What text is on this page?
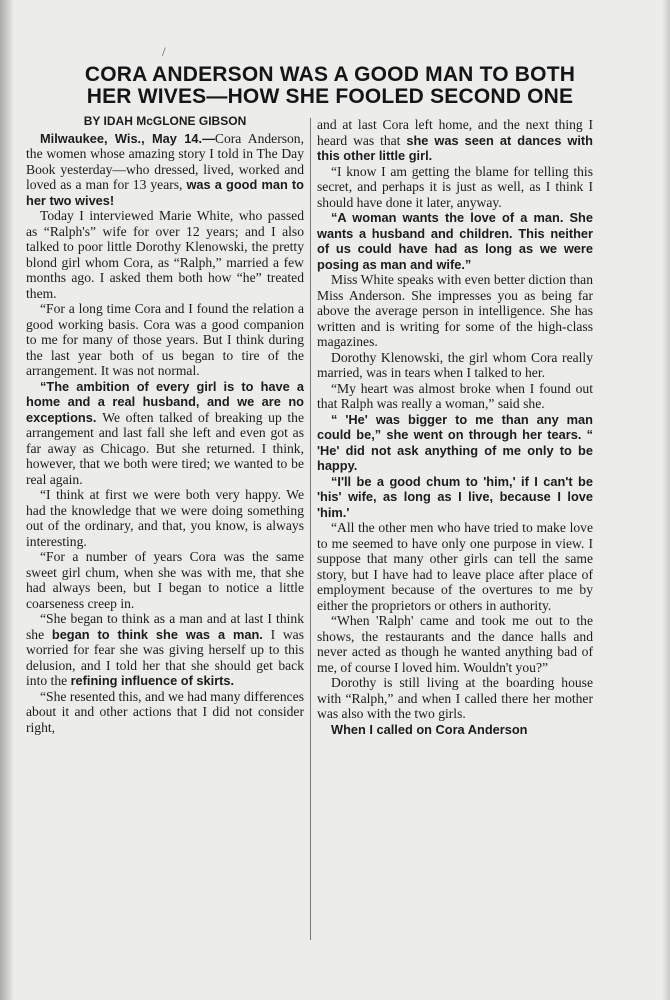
/
CORA ANDERSON WAS A GOOD MAN TO BOTH
HER WIVES—HOW SHE FOOLED SECOND ONE
BY IDAH McGLONE GIBSON

Milwaukee, Wis., May 14.—Cora Anderson, the women whose amazing story I told in The Day Book yesterday—who dressed, lived, worked and loved as a man for 13 years, was a good man to her two wives!

Today I interviewed Marie White, who passed as “Ralph's” wife for over 12 years; and I also talked to poor little Dorothy Klenowski, the pretty blond girl whom Cora, as “Ralph,” married a few months ago. I asked them both how “he” treated them.

“For a long time Cora and I found the relation a good working basis. Cora was a good companion to me for many of those years. But I think during the last year both of us began to tire of the arrangement. It was not normal.

“The ambition of every girl is to have a home and a real husband, and we are no exceptions. We often talked of breaking up the arrangement and last fall she left and even got as far away as Chicago. But she returned. I think, however, that we both were tired; we wanted to be real again.

“I think at first we were both very happy. We had the knowledge that we were doing something out of the ordinary, and that, you know, is always interesting.

“For a number of years Cora was the same sweet girl chum, when she was with me, that she had always been, but I began to notice a little coarseness creep in.

“She began to think as a man and at last I think she began to think she was a man. I was worried for fear she was giving herself up to this delusion, and I told her that she should get back into the refining influence of skirts.

“She resented this, and we had many differences about it and other actions that I did not consider right,

and at last Cora left home, and the next thing I heard was that she was seen at dances with this other little girl.

“I know I am getting the blame for telling this secret, and perhaps it is just as well, as I think I should have done it later, anyway.

“A woman wants the love of a man. She wants a husband and children. This neither of us could have had as long as we were posing as man and wife.”

Miss White speaks with even better diction than Miss Anderson. She impresses you as being far above the average person in intelligence. She has written and is writing for some of the high-class magazines.

Dorothy Klenowski, the girl whom Cora really married, was in tears when I talked to her.

“My heart was almost broke when I found out that Ralph was really a woman,” said she.

“ 'He' was bigger to me than any man could be,” she went on through her tears. “ 'He' did not ask anything of me only to be happy.

“I'll be a good chum to 'him,' if I can't be 'his' wife, as long as I live, because I love 'him.'

“All the other men who have tried to make love to me seemed to have only one purpose in view. I suppose that many other girls can tell the same story, but I have had to leave place after place of employment because of the overtures to me by either the proprietors or others in authority.

“When 'Ralph' came and took me out to the shows, the restaurants and the dance halls and never acted as though he wanted anything bad of me, of course I loved him. Wouldn't you?”

Dorothy is still living at the boarding house with “Ralph,” and when I called there her mother was also with the two girls.

When I called on Cora Anderson
